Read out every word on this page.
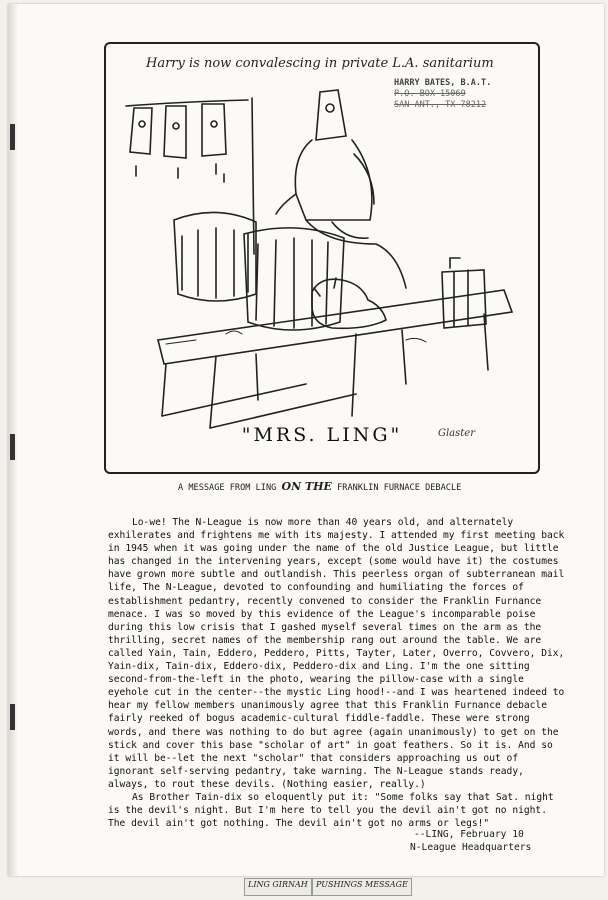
Harry is now convalescing in private L.A. sanitarium
HARRY BATES, B.A.T.
P.O. BOX 15069
SAN ANT., TX 78212
"MRS. LING"	Glaster
A MESSAGE FROM LING ON THE FRANKLIN FURNACE DEBACLE

Lo-we! The N-League is now more than 40 years old, and alternately exhilerates and frightens me with its majesty. I attended my first meeting back in 1945 when it was going under the name of the old Justice League, but little has changed in the intervening years, except (some would have it) the costumes have grown more subtle and outlandish. This peerless organ of subterranean mail life, The N-League, devoted to confounding and humiliating the forces of establishment pedantry, recently convened to consider the Franklin Furnance menace. I was so moved by this evidence of the League's incomparable poise during this low crisis that I gashed myself several times on the arm as the thrilling, secret names of the membership rang out around the table. We are called Yain, Tain, Eddero, Peddero, Pitts, Tayter, Later, Overro, Covvero, Dix, Yain-dix, Tain-dix, Eddero-dix, Peddero-dix and Ling. I'm the one sitting second-from-the-left in the photo, wearing the pillow-case with a single eyehole cut in the center--the mystic Ling hood!--and I was heartened indeed to hear my fellow members unanimously agree that this Franklin Furnance debacle fairly reeked of bogus academic-cultural fiddle-faddle. These were strong words, and there was nothing to do but agree (again unanimously) to get on the stick and cover this base "scholar of art" in goat feathers. So it is. And so it will be--let the next "scholar" that considers approaching us out of ignorant self-serving pedantry, take warning. The N-League stands ready, always, to rout these devils. (Nothing easier, really.)

As Brother Tain-dix so eloquently put it: "Some folks say that Sat. night is the devil's night. But I'm here to tell you the devil ain't got no night. The devil ain't got nothing. The devil ain't got no arms or legs!"

--LING, February 10
N-League Headquarters
LING GIRNAH	PUSHINGS MESSAGE
